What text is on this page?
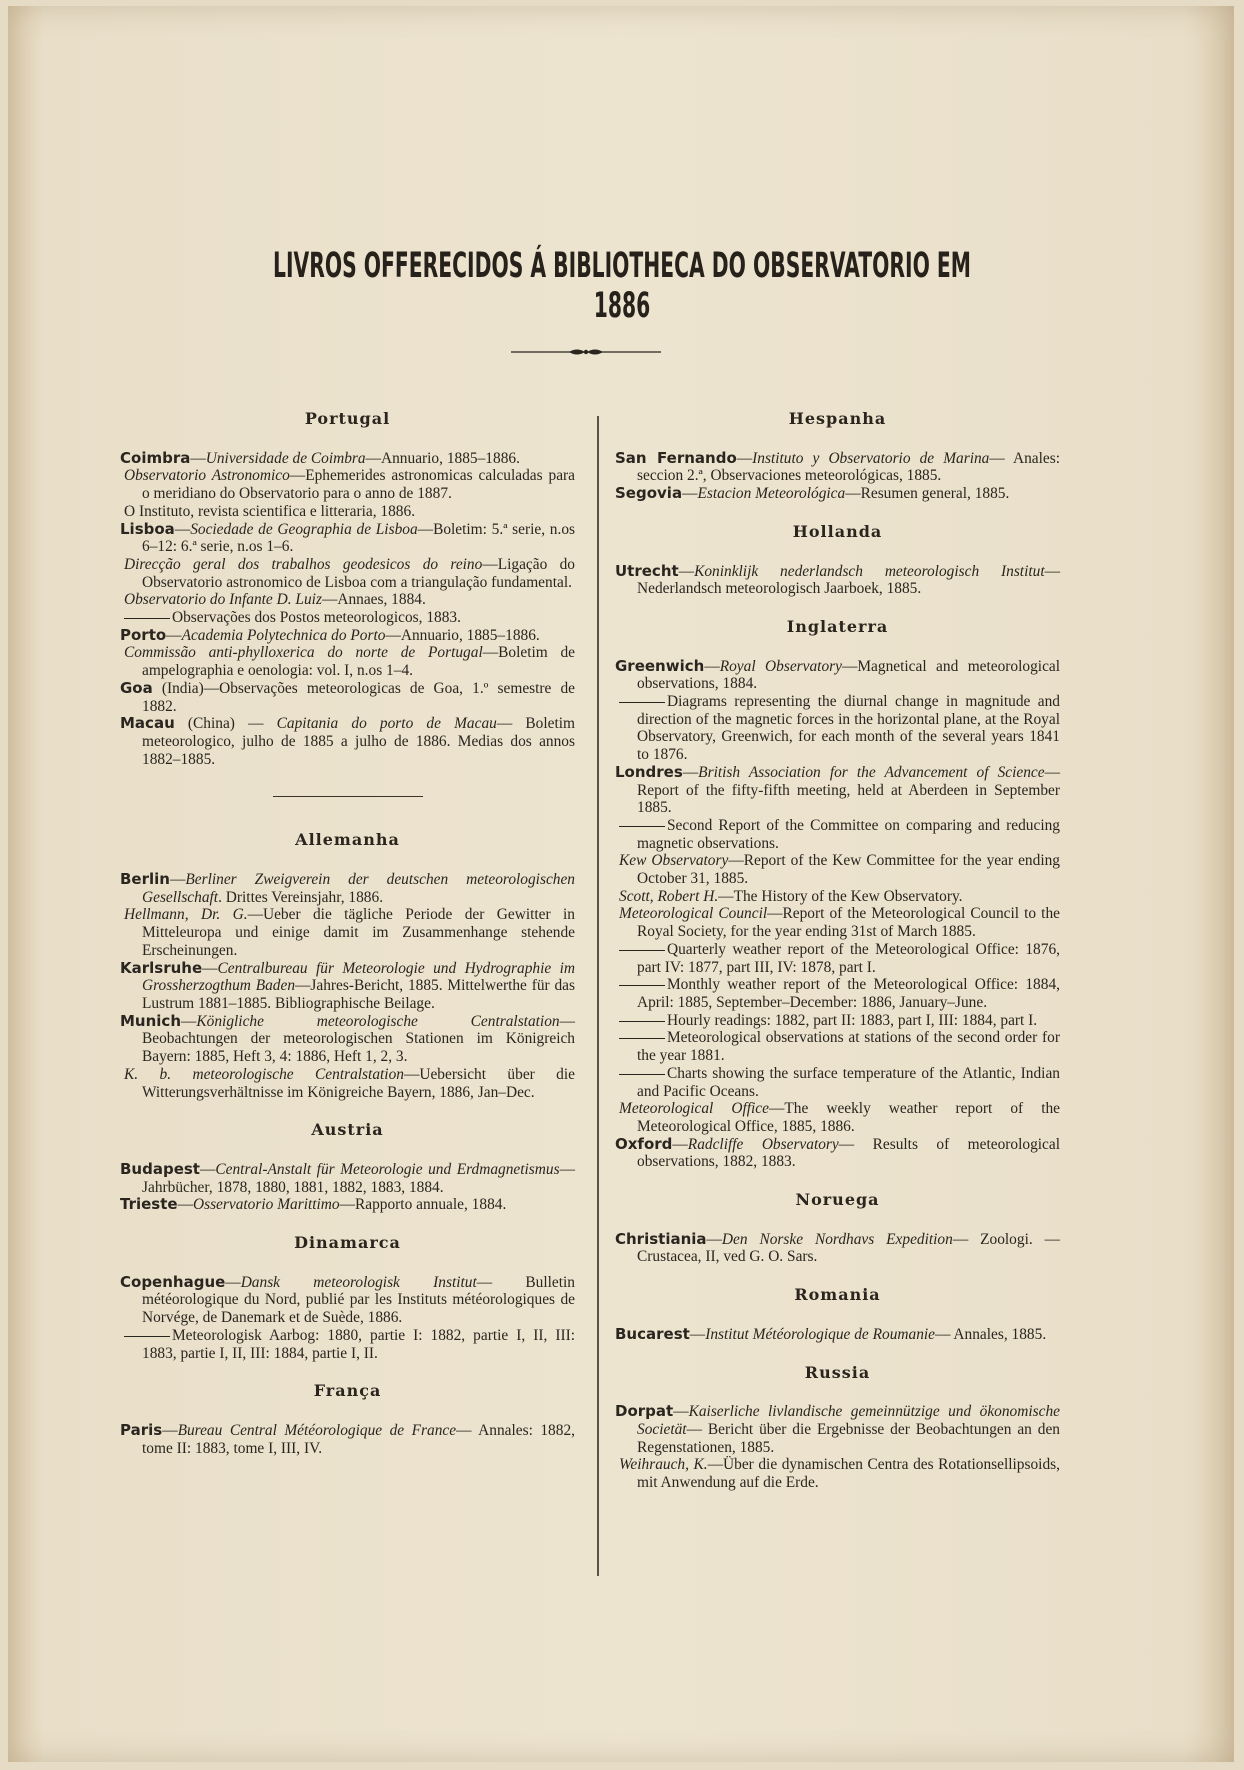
LIVROS OFFERECIDOS Á BIBLIOTHECA DO OBSERVATORIO EM 1886
Portugal

Coimbra—Universidade de Coimbra—Annuario, 1885–1886.

Observatorio Astronomico—Ephemerides astronomicas calculadas para o meridiano do Observatorio para o anno de 1887.

O Instituto, revista scientifica e litteraria, 1886.

Lisboa—Sociedade de Geographia de Lisboa—Boletim: 5.ª serie, n.os 6–12: 6.ª serie, n.os 1–6.

Direcção geral dos trabalhos geodesicos do reino—Ligação do Observatorio astronomico de Lisboa com a triangulação fundamental.

Observatorio do Infante D. Luiz—Annaes, 1884.

Observações dos Postos meteorologicos, 1883.

Porto—Academia Polytechnica do Porto—Annuario, 1885–1886.

Commissão anti-phylloxerica do norte de Portugal—Boletim de ampelographia e oenologia: vol. I, n.os 1–4.

Goa (India)—Observações meteorologicas de Goa, 1.º semestre de 1882.

Macau (China) — Capitania do porto de Macau— Boletim meteorologico, julho de 1885 a julho de 1886. Medias dos annos 1882–1885.

Allemanha

Berlin—Berliner Zweigverein der deutschen meteorologischen Gesellschaft. Drittes Vereinsjahr, 1886.

Hellmann, Dr. G.—Ueber die tägliche Periode der Gewitter in Mitteleuropa und einige damit im Zusammenhange stehende Erscheinungen.

Karlsruhe—Centralbureau für Meteorologie und Hydrographie im Grossherzogthum Baden—Jahres-Bericht, 1885. Mittelwerthe für das Lustrum 1881–1885. Bibliographische Beilage.

Munich—Königliche meteorologische Centralstation— Beobachtungen der meteorologischen Stationen im Königreich Bayern: 1885, Heft 3, 4: 1886, Heft 1, 2, 3.

K. b. meteorologische Centralstation—Uebersicht über die Witterungsverhältnisse im Königreiche Bayern, 1886, Jan–Dec.

Austria

Budapest—Central-Anstalt für Meteorologie und Erdmagnetismus—Jahrbücher, 1878, 1880, 1881, 1882, 1883, 1884.

Trieste—Osservatorio Marittimo—Rapporto annuale, 1884.

Dinamarca

Copenhague—Dansk meteorologisk Institut— Bulletin météorologique du Nord, publié par les Instituts météorologiques de Norvége, de Danemark et de Suède, 1886.

Meteorologisk Aarbog: 1880, partie I: 1882, partie I, II, III: 1883, partie I, II, III: 1884, partie I, II.

França

Paris—Bureau Central Météorologique de France— Annales: 1882, tome II: 1883, tome I, III, IV.

Hespanha

San Fernando—Instituto y Observatorio de Marina— Anales: seccion 2.ª, Observaciones meteorológicas, 1885.

Segovia—Estacion Meteorológica—Resumen general, 1885.

Hollanda

Utrecht—Koninklijk nederlandsch meteorologisch Institut— Nederlandsch meteorologisch Jaarboek, 1885.

Inglaterra

Greenwich—Royal Observatory—Magnetical and meteorological observations, 1884.

Diagrams representing the diurnal change in magnitude and direction of the magnetic forces in the horizontal plane, at the Royal Observatory, Greenwich, for each month of the several years 1841 to 1876.

Londres—British Association for the Advancement of Science—Report of the fifty-fifth meeting, held at Aberdeen in September 1885.

Second Report of the Committee on comparing and reducing magnetic observations.

Kew Observatory—Report of the Kew Committee for the year ending October 31, 1885.

Scott, Robert H.—The History of the Kew Observatory.

Meteorological Council—Report of the Meteorological Council to the Royal Society, for the year ending 31st of March 1885.

Quarterly weather report of the Meteorological Office: 1876, part IV: 1877, part III, IV: 1878, part I.

Monthly weather report of the Meteorological Office: 1884, April: 1885, September–December: 1886, January–June.

Hourly readings: 1882, part II: 1883, part I, III: 1884, part I.

Meteorological observations at stations of the second order for the year 1881.

Charts showing the surface temperature of the Atlantic, Indian and Pacific Oceans.

Meteorological Office—The weekly weather report of the Meteorological Office, 1885, 1886.

Oxford—Radcliffe Observatory— Results of meteorological observations, 1882, 1883.

Noruega

Christiania—Den Norske Nordhavs Expedition— Zoologi. — Crustacea, II, ved G. O. Sars.

Romania

Bucarest—Institut Météorologique de Roumanie— Annales, 1885.

Russia

Dorpat—Kaiserliche livlandische gemeinnützige und ökonomische Societät— Bericht über die Ergebnisse der Beobachtungen an den Regenstationen, 1885.

Weihrauch, K.—Über die dynamischen Centra des Rotationsellipsoids, mit Anwendung auf die Erde.
